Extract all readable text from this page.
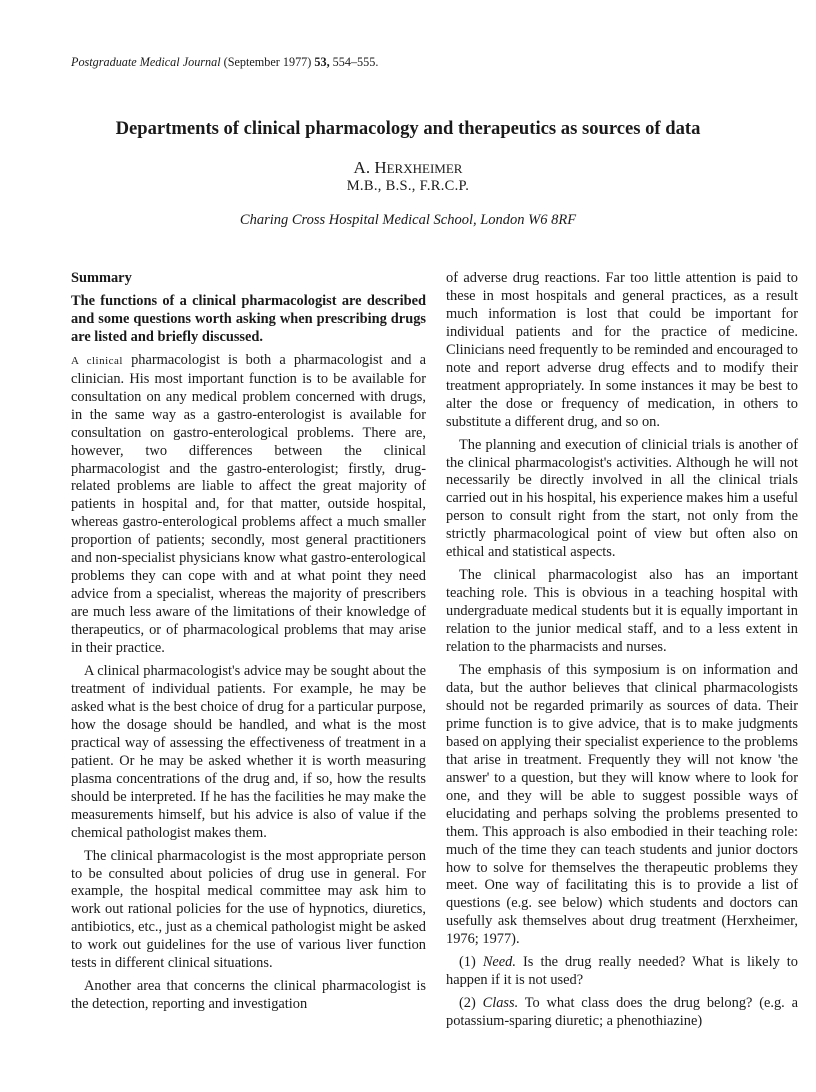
Postgraduate Medical Journal (September 1977) 53, 554–555.
Departments of clinical pharmacology and therapeutics as sources of data
A. HERXHEIMER
M.B., B.S., F.R.C.P.
Charing Cross Hospital Medical School, London W6 8RF

Summary

The functions of a clinical pharmacologist are described and some questions worth asking when prescribing drugs are listed and briefly discussed.

A clinical pharmacologist is both a pharmacologist and a clinician. His most important function is to be available for consultation on any medical problem concerned with drugs, in the same way as a gastro-enterologist is available for consultation on gastro-enterological problems. There are, however, two differences between the clinical pharmacologist and the gastro-enterologist; firstly, drug-related problems are liable to affect the great majority of patients in hospital and, for that matter, outside hospital, whereas gastro-enterological problems affect a much smaller proportion of patients; secondly, most general practitioners and non-specialist physicians know what gastro-enterological problems they can cope with and at what point they need advice from a specialist, whereas the majority of prescribers are much less aware of the limitations of their knowledge of therapeutics, or of pharmacological problems that may arise in their practice.

A clinical pharmacologist's advice may be sought about the treatment of individual patients. For example, he may be asked what is the best choice of drug for a particular purpose, how the dosage should be handled, and what is the most practical way of assessing the effectiveness of treatment in a patient. Or he may be asked whether it is worth measuring plasma concentrations of the drug and, if so, how the results should be interpreted. If he has the facilities he may make the measurements himself, but his advice is also of value if the chemical pathologist makes them.

The clinical pharmacologist is the most appropriate person to be consulted about policies of drug use in general. For example, the hospital medical committee may ask him to work out rational policies for the use of hypnotics, diuretics, antibiotics, etc., just as a chemical pathologist might be asked to work out guidelines for the use of various liver function tests in different clinical situations.

Another area that concerns the clinical pharmacologist is the detection, reporting and investigation

of adverse drug reactions. Far too little attention is paid to these in most hospitals and general practices, as a result much information is lost that could be important for individual patients and for the practice of medicine. Clinicians need frequently to be reminded and encouraged to note and report adverse drug effects and to modify their treatment appropriately. In some instances it may be best to alter the dose or frequency of medication, in others to substitute a different drug, and so on.

The planning and execution of clinicial trials is another of the clinical pharmacologist's activities. Although he will not necessarily be directly involved in all the clinical trials carried out in his hospital, his experience makes him a useful person to consult right from the start, not only from the strictly pharmacological point of view but often also on ethical and statistical aspects.

The clinical pharmacologist also has an important teaching role. This is obvious in a teaching hospital with undergraduate medical students but it is equally important in relation to the junior medical staff, and to a less extent in relation to the pharmacists and nurses.

The emphasis of this symposium is on information and data, but the author believes that clinical pharmacologists should not be regarded primarily as sources of data. Their prime function is to give advice, that is to make judgments based on applying their specialist experience to the problems that arise in treatment. Frequently they will not know 'the answer' to a question, but they will know where to look for one, and they will be able to suggest possible ways of elucidating and perhaps solving the problems presented to them. This approach is also embodied in their teaching role: much of the time they can teach students and junior doctors how to solve for themselves the therapeutic problems they meet. One way of facilitating this is to provide a list of questions (e.g. see below) which students and doctors can usefully ask themselves about drug treatment (Herxheimer, 1976; 1977).

(1) Need. Is the drug really needed? What is likely to happen if it is not used?

(2) Class. To what class does the drug belong? (e.g. a potassium-sparing diuretic; a phenothiazine)
